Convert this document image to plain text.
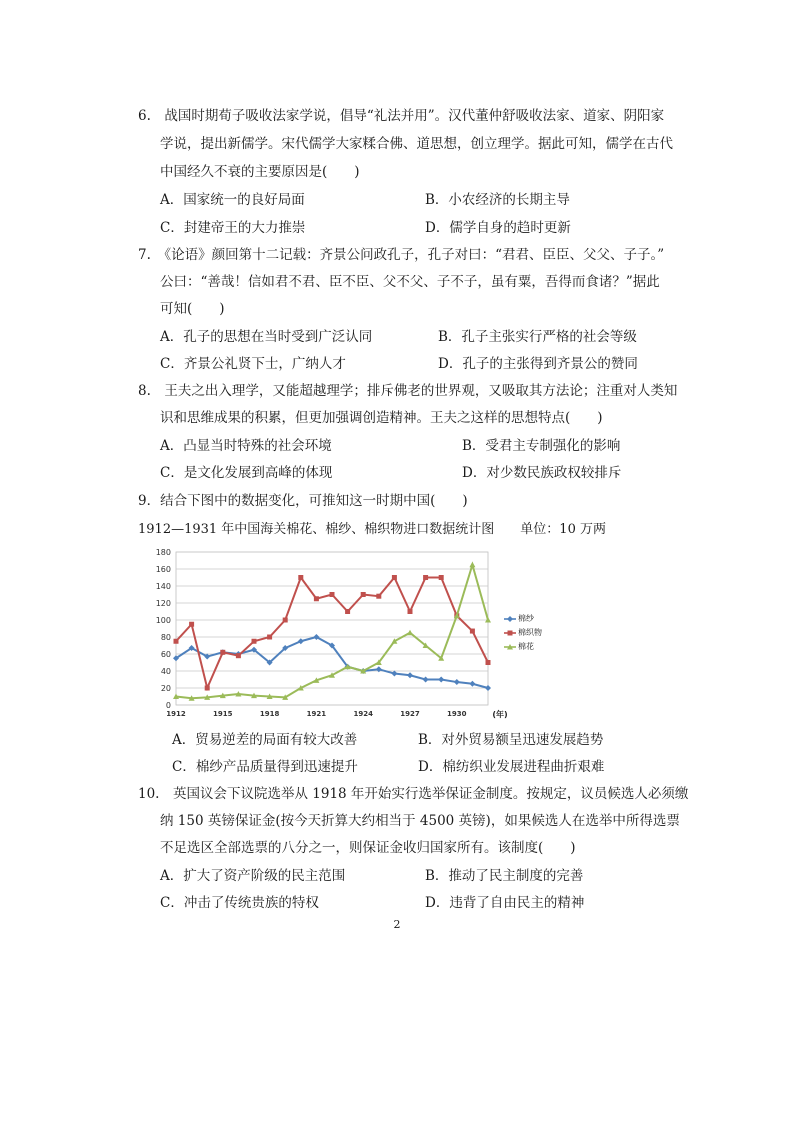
6.　战国时期荀子吸收法家学说，倡导“礼法并用”。汉代董仲舒吸收法家、道家、阴阳家
学说，提出新儒学。宋代儒学大家糅合佛、道思想，创立理学。据此可知，儒学在古代
中国经久不衰的主要原因是(　　)
A．国家统一的良好局面	B．小农经济的长期主导
C．封建帝王的大力推崇	D．儒学自身的趋时更新
7.　《论语》颜回第十二记载：齐景公问政孔子，孔子对曰：“君君、臣臣、父父、子子。”
公曰：“善哉！信如君不君、臣不臣、父不父、子不子，虽有粟，吾得而食诸？”据此
可知(　　)
A．孔子的思想在当时受到广泛认同	B．孔子主张实行严格的社会等级
C．齐景公礼贤下士，广纳人才	D．孔子的主张得到齐景公的赞同
8.　王夫之出入理学，又能超越理学；排斥佛老的世界观，又吸取其方法论；注重对人类知
识和思维成果的积累，但更加强调创造精神。王夫之这样的思想特点(　　)
A．凸显当时特殊的社会环境	B．受君主专制强化的影响
C．是文化发展到高峰的体现	D．对少数民族政权较排斥
9．结合下图中的数据变化，可推知这一时期中国(　　)
1912—1931 年中国海关棉花、棉纱、棉织物进口数据统计图　　单位：10 万两
0
20
40
60
80
100
120
140
160
180
1912	1915	1918	1921	1924	1927	1930	(年)
A．贸易逆差的局面有较大改善	B．对外贸易额呈迅速发展趋势
C．棉纱产品质量得到迅速提升	D．棉纺织业发展进程曲折艰难
10.　英国议会下议院选举从 1918 年开始实行选举保证金制度。按规定，议员候选人必须缴
纳 150 英镑保证金(按今天折算大约相当于 4500 英镑)，如果候选人在选举中所得选票
不足选区全部选票的八分之一，则保证金收归国家所有。该制度(　　)
A．扩大了资产阶级的民主范围	B．推动了民主制度的完善
C．冲击了传统贵族的特权	D．违背了自由民主的精神
2
棉纱
棉织物
棉花
